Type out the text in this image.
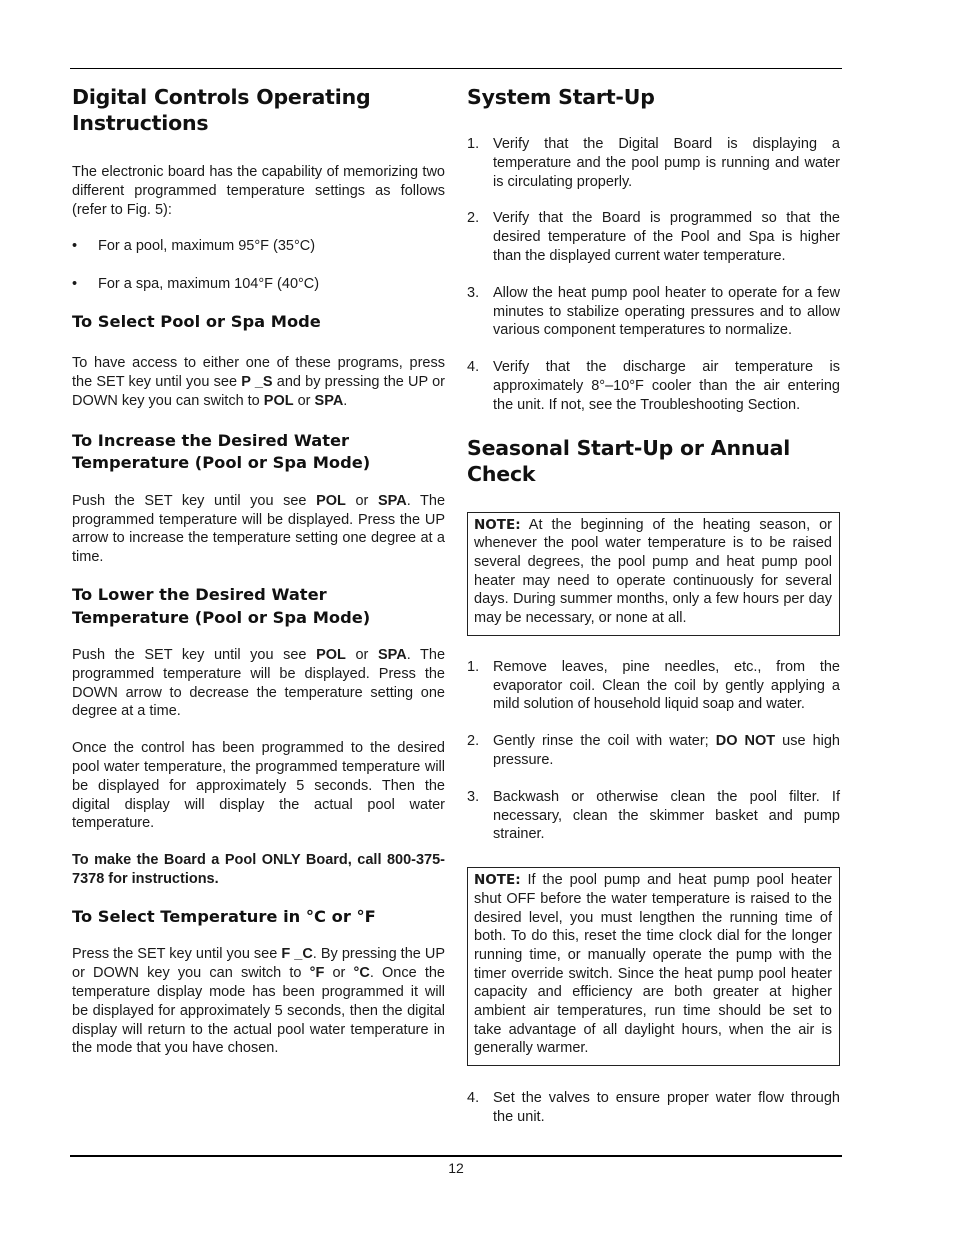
Digital Controls Operating Instructions

The electronic board has the capability of memorizing two different programmed temperature settings as follows (refer to Fig. 5):

• For a pool, maximum 95°F (35°C)
• For a spa, maximum 104°F (40°C)
To Select Pool or Spa Mode

To have access to either one of these programs, press the SET key until you see P _S and by pressing the UP or DOWN key you can switch to POL or SPA.

To Increase the Desired Water Temperature (Pool or Spa Mode)

Push the SET key until you see POL or SPA. The programmed temperature will be displayed. Press the UP arrow to increase the temperature setting one degree at a time.

To Lower the Desired Water Temperature (Pool or Spa Mode)

Push the SET key until you see POL or SPA. The programmed temperature will be displayed. Press the DOWN arrow to decrease the temperature setting one degree at a time.

Once the control has been programmed to the desired pool water temperature, the programmed temperature will be displayed for approximately 5 seconds. Then the digital display will display the actual pool water temperature.

To make the Board a Pool ONLY Board, call 800-375-7378 for instructions.

To Select Temperature in °C or °F

Press the SET key until you see F _C. By pressing the UP or DOWN key you can switch to °F or °C. Once the temperature display mode has been programmed it will be displayed for approximately 5 seconds, then the digital display will return to the actual pool water temperature in the mode that you have chosen.

System Start-Up
1. Verify that the Digital Board is displaying a temperature and the pool pump is running and water is circulating properly.
2. Verify that the Board is programmed so that the desired temperature of the Pool and Spa is higher than the displayed current water temperature.
3. Allow the heat pump pool heater to operate for a few minutes to stabilize operating pressures and to allow various component temperatures to normalize.
4. Verify that the discharge air temperature is approximately 8°–10°F cooler than the air entering the unit. If not, see the Troubleshooting Section.
Seasonal Start-Up or Annual Check
NOTE: At the beginning of the heating season, or whenever the pool water temperature is to be raised several degrees, the pool pump and heat pump pool heater may need to operate continuously for several days. During summer months, only a few hours per day may be necessary, or none at all.
1. Remove leaves, pine needles, etc., from the evaporator coil. Clean the coil by gently applying a mild solution of household liquid soap and water.
2. Gently rinse the coil with water; DO NOT use high pressure.
3. Backwash or otherwise clean the pool filter. If necessary, clean the skimmer basket and pump strainer.
NOTE: If the pool pump and heat pump pool heater shut OFF before the water temperature is raised to the desired level, you must lengthen the running time of both. To do this, reset the time clock dial for the longer running time, or manually operate the pump with the timer override switch. Since the heat pump pool heater capacity and efficiency are both greater at higher ambient air temperatures, run time should be set to take advantage of all daylight hours, when the air is generally warmer.
4. Set the valves to ensure proper water flow through the unit.
12
